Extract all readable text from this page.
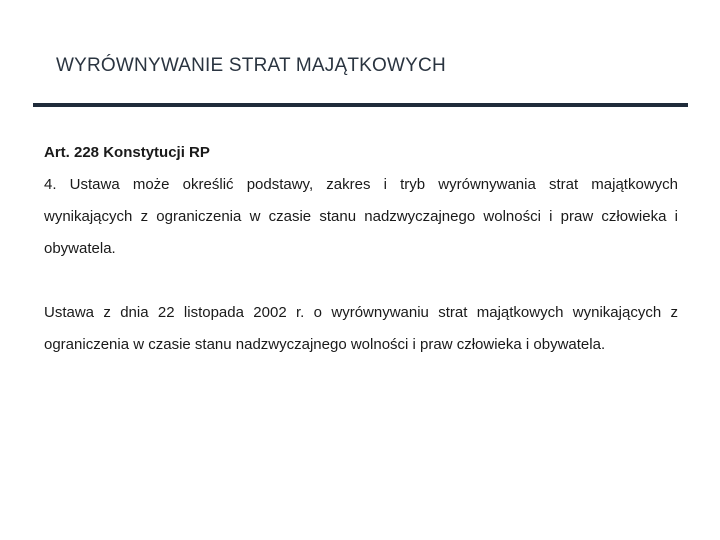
WYRÓWNYWANIE STRAT MAJĄTKOWYCH
Art. 228 Konstytucji RP

4. Ustawa może określić podstawy, zakres i tryb wyrównywania strat majątkowych wynikających z ograniczenia w czasie stanu nadzwyczajnego wolności i praw człowieka i obywatela.

Ustawa z dnia 22 listopada 2002 r. o wyrównywaniu strat majątkowych wynikających z ograniczenia w czasie stanu nadzwyczajnego wolności i praw człowieka i obywatela.
